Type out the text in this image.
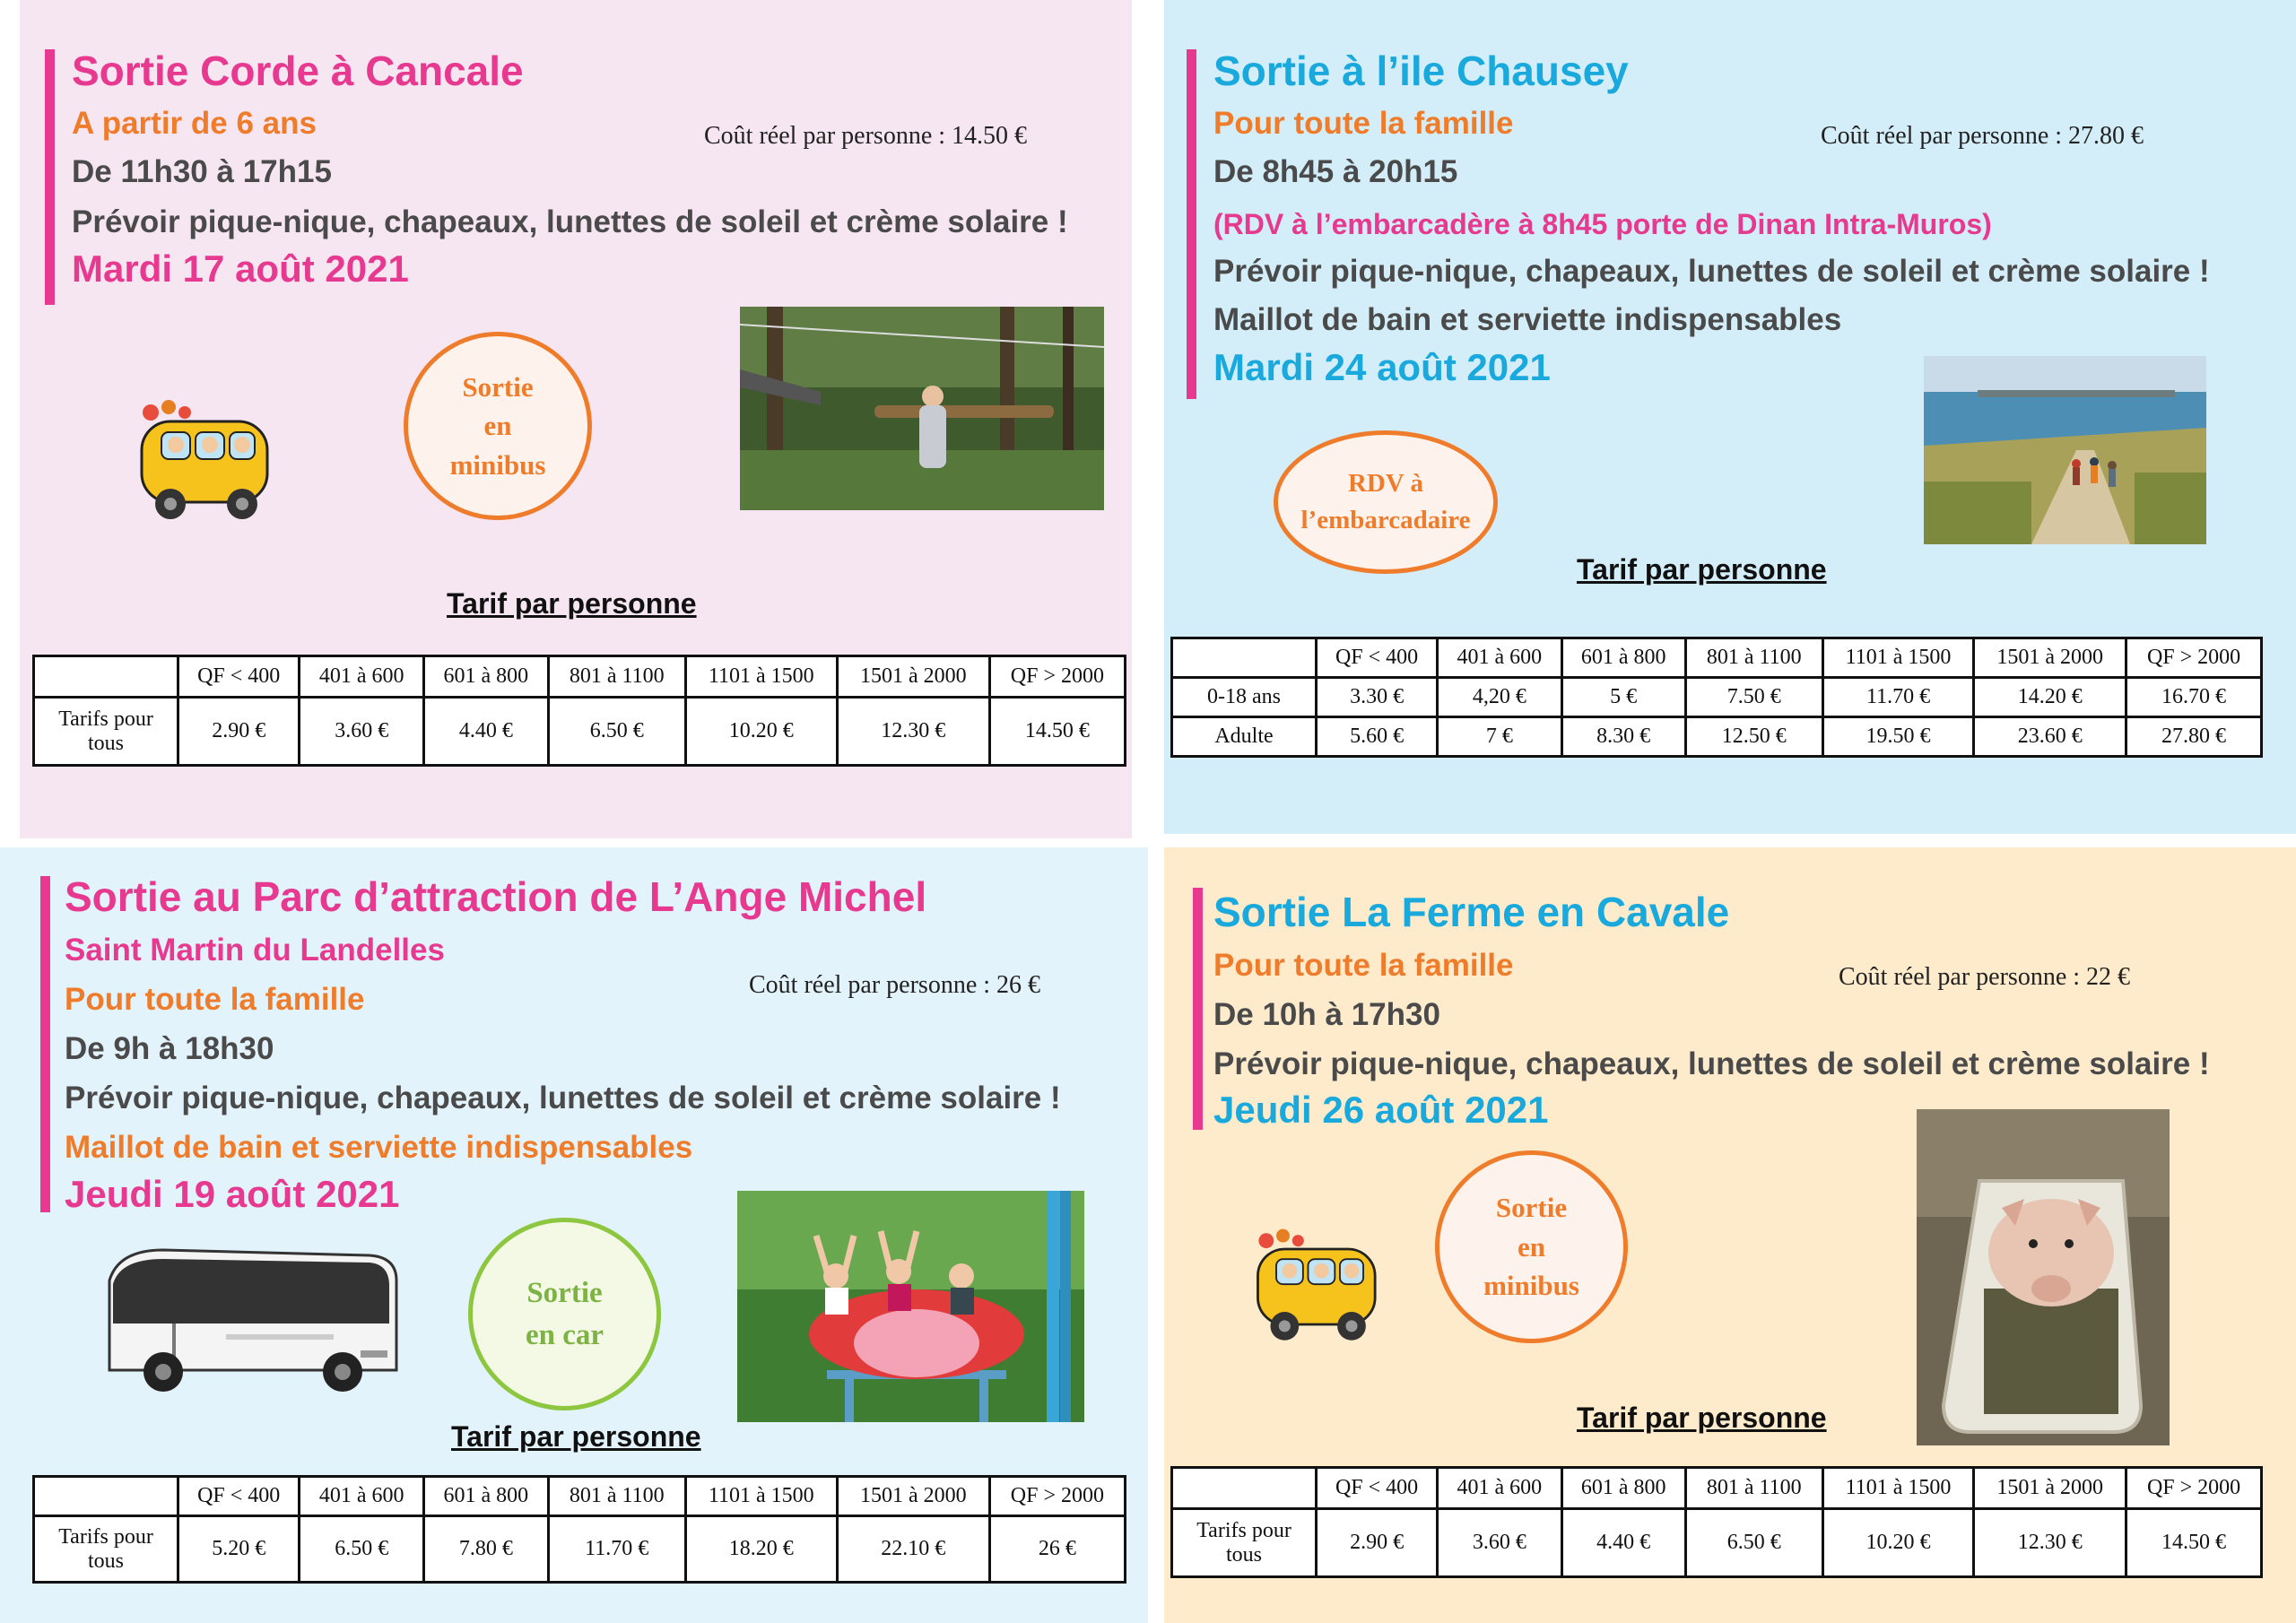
Sortie Corde à Cancale
A partir de 6 ans
De 11h30 à 17h15
Prévoir pique-nique, chapeaux, lunettes de soleil et crème solaire !
Mardi 17 août 2021
Coût réel par personne : 14.50 €
Sortie
en
minibus
Tarif par personne
	QF < 400	401 à 600	601 à 800	801 à 1100	1101 à 1500	1501 à 2000	QF > 2000
Tarifs pour tous	2.90 €	3.60 €	4.40 €	6.50 €	10.20 €	12.30 €	14.50 €
Sortie à l’ile Chausey
Pour toute la famille
De 8h45 à 20h15
(RDV à l’embarcadère à 8h45 porte de Dinan Intra-Muros)
Prévoir pique-nique, chapeaux, lunettes de soleil et crème solaire !
Maillot de bain et serviette indispensables
Mardi 24 août 2021
Coût réel par personne : 27.80 €
RDV à
l’embarcadaire
Tarif par personne
	QF < 400	401 à 600	601 à 800	801 à 1100	1101 à 1500	1501 à 2000	QF > 2000
0-18 ans	3.30 €	4,20 €	5 €	7.50 €	11.70 €	14.20 €	16.70 €
Adulte	5.60 €	7 €	8.30 €	12.50 €	19.50 €	23.60 €	27.80 €
Sortie au Parc d’attraction de L’Ange Michel
Saint Martin du Landelles
Pour toute la famille
De 9h à 18h30
Prévoir pique-nique, chapeaux, lunettes de soleil et crème solaire !
Maillot de bain et serviette indispensables
Jeudi 19 août 2021
Coût réel par personne : 26 €
Sortie
en car
Tarif par personne
	QF < 400	401 à 600	601 à 800	801 à 1100	1101 à 1500	1501 à 2000	QF > 2000
Tarifs pour tous	5.20 €	6.50 €	7.80 €	11.70 €	18.20 €	22.10 €	26 €
Sortie La Ferme en Cavale
Pour toute la famille
De 10h à 17h30
Prévoir pique-nique, chapeaux, lunettes de soleil et crème solaire !
Jeudi 26 août 2021
Coût réel par personne : 22 €
Sortie
en
minibus
Tarif par personne
	QF < 400	401 à 600	601 à 800	801 à 1100	1101 à 1500	1501 à 2000	QF > 2000
Tarifs pour tous	2.90 €	3.60 €	4.40 €	6.50 €	10.20 €	12.30 €	14.50 €
